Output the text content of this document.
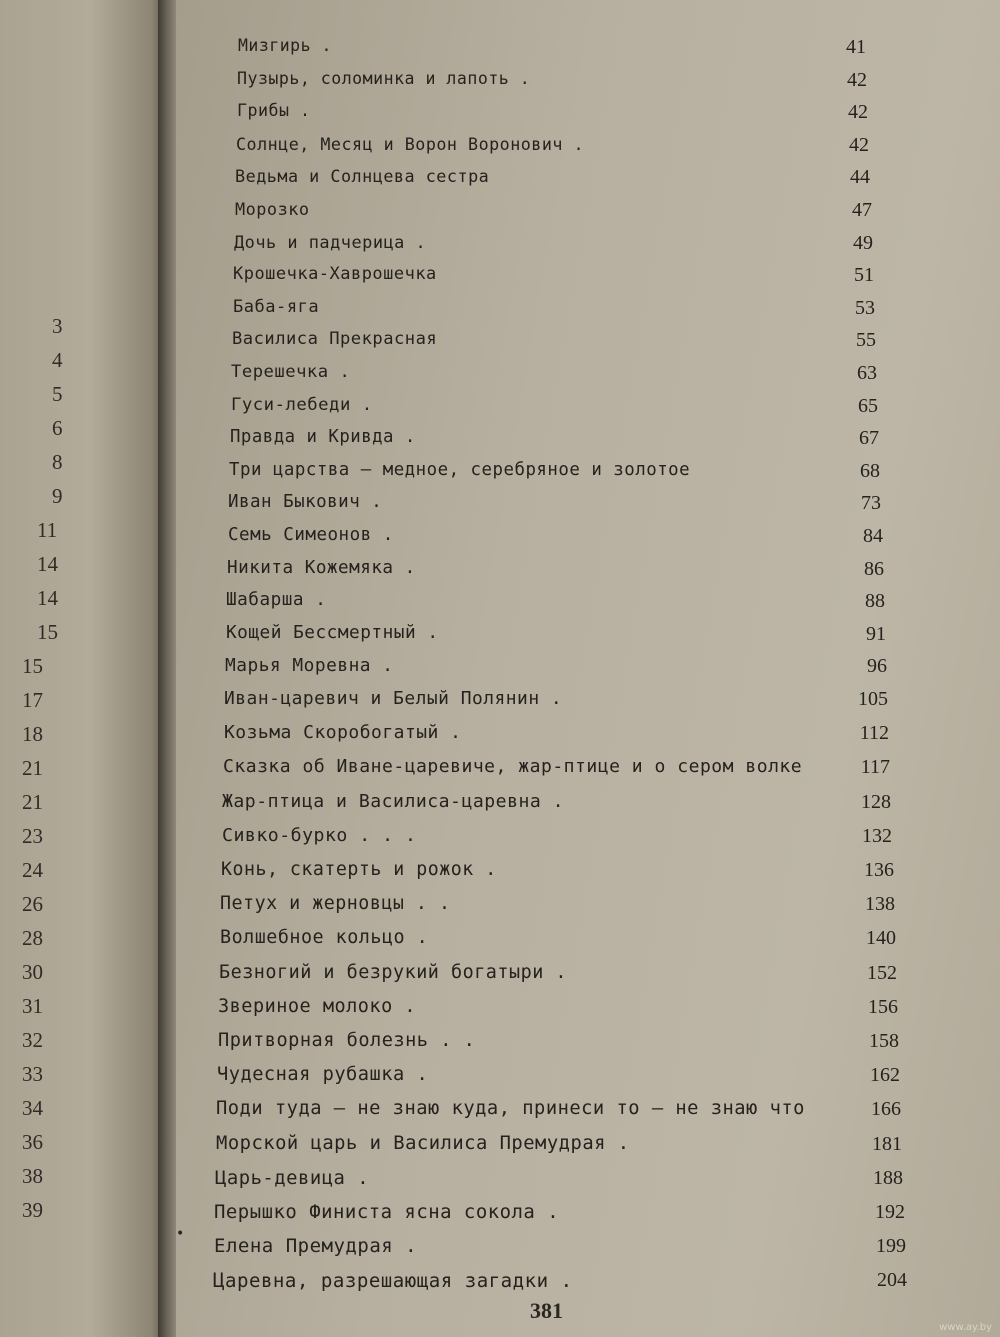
3
4
5
6
8
9
11
14
14
15
15
17
18
21
21
23
24
26
28
30
31
32
33
34
36
38
39
Мизгирь .	41
Пузырь, соломинка и лапоть .	42
Грибы .	42
Солнце, Месяц и Ворон Воронович .	42
Ведьма и Солнцева сестра	44
Морозко	47
Дочь и падчерица .	49
Крошечка-Хаврошечка	51
Баба-яга	53
Василиса Прекрасная	55
Терешечка .	63
Гуси-лебеди .	65
Правда и Кривда .	67
Три царства — медное, серебряное и золотое	68
Иван Быкович .	73
Семь Симеонов .	84
Никита Кожемяка .	86
Шабарша .	88
Кощей Бессмертный .	91
Марья Моревна .	96
Иван-царевич и Белый Полянин .	105
Козьма Скоробогатый .	112
Сказка об Иване-царевиче, жар-птице и о сером волке	117
Жар-птица и Василиса-царевна .	128
Сивко-бурко . . .	132
Конь, скатерть и рожок .	136
Петух и жерновцы . .	138
Волшебное кольцо .	140
Безногий и безрукий богатыри .	152
Звериное молоко .	156
Притворная болезнь . .	158
Чудесная рубашка .	162
Поди туда — не знаю куда, принеси то — не знаю что	166
Морской царь и Василиса Премудрая .	181
Царь-девица .	188
Перышко Финиста ясна сокола .	192
Елена Премудрая .	199
Царевна, разрешающая загадки .	204
•
381
www.ay.by
